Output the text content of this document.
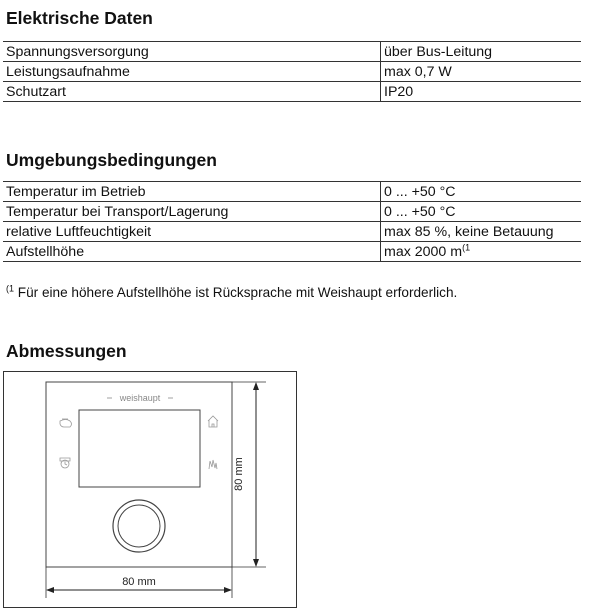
Elektrische Daten
Spannungsversorgung	über Bus-Leitung
Leistungsaufnahme	max 0,7 W
Schutzart	IP20
Umgebungsbedingungen
Temperatur im Betrieb	0 ... +50 °C
Temperatur bei Transport/Lagerung	0 ... +50 °C
relative Luftfeuchtigkeit	max 85 %, keine Betauung
Aufstellhöhe	max 2000 $m^{(1}$
$^{(1}$ Für eine höhere Aufstellhöhe ist Rücksprache mit Weishaupt erforderlich.
Abmessungen
weishaupt
80 mm
80 mm
